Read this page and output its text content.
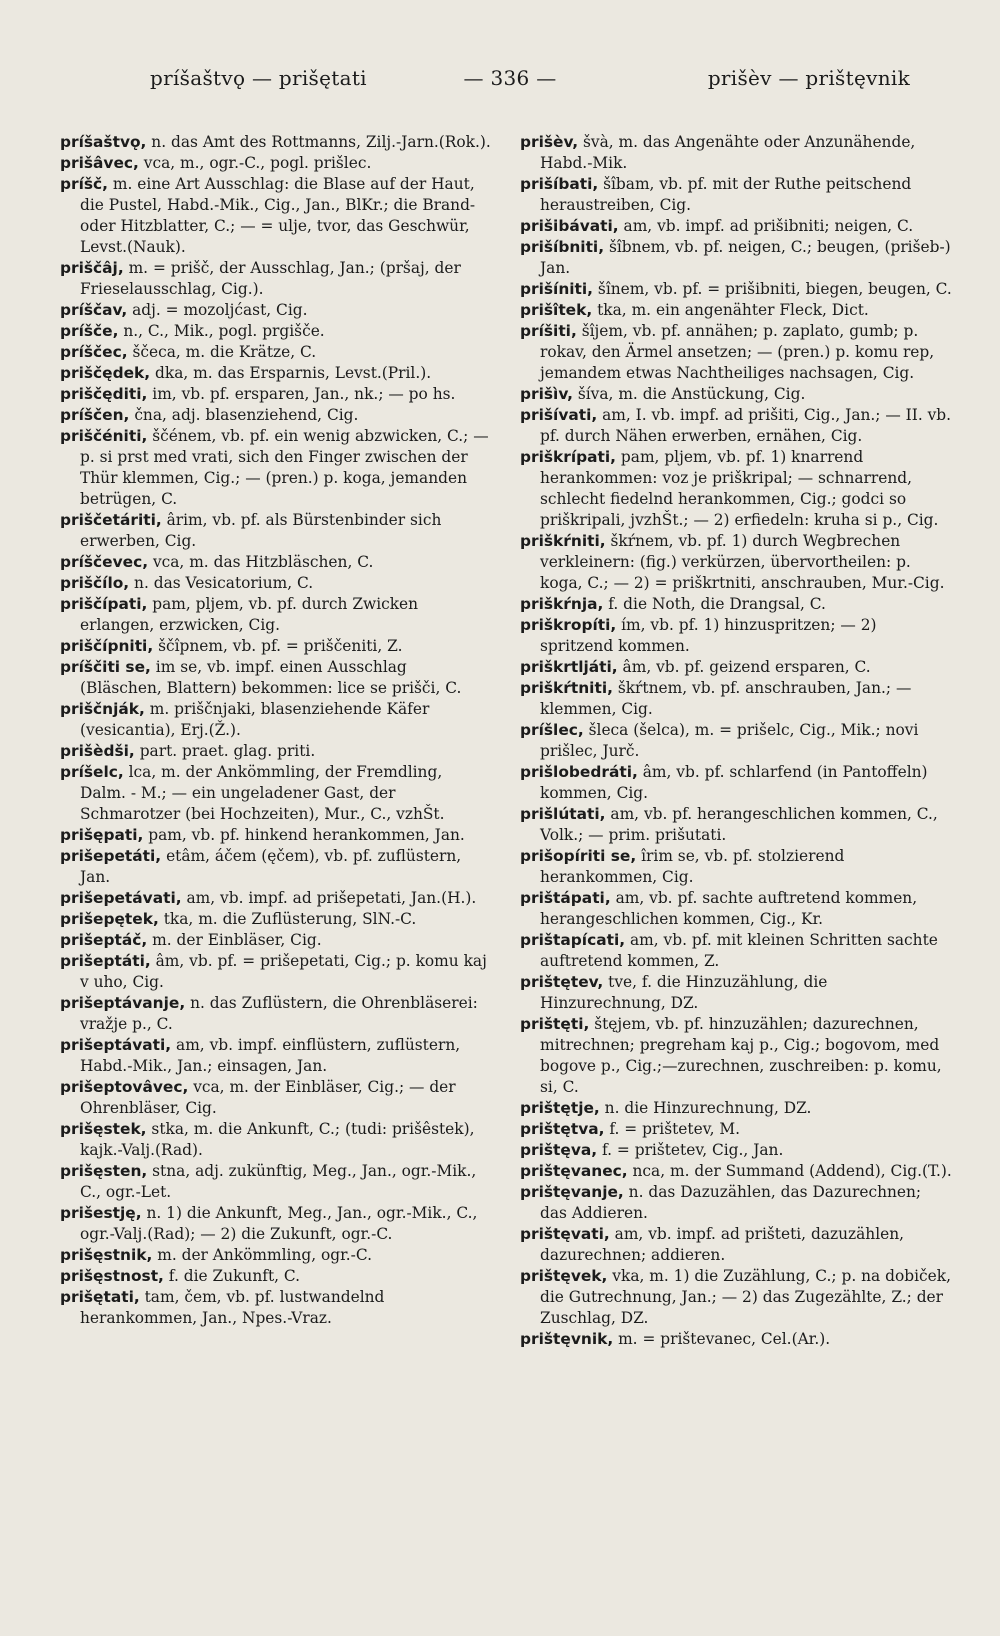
príšaštvǫ — prišętati	— 336 —	prišèv — prištęvnik

príšaštvǫ, n. das Amt des Rottmanns, Zilj.-Jarn.(Rok.).

prišâvec, vca, m., ogr.-C., pogl. prišlec.

príšč, m. eine Art Ausschlag: die Blase auf der Haut, die Pustel, Habd.-Mik., Cig., Jan., BlKr.; die Brand- oder Hitzblatter, C.; — = ulje, tvor, das Geschwür, Levst.(Nauk).

priščâj, m. = prišč, der Ausschlag, Jan.; (pršaj, der Frieselausschlag, Cig.).

príščav, adj. = mozoljćast, Cig.

príšče, n., C., Mik., pogl. prgišče.

príščec, ščeca, m. die Krätze, C.

priščędek, dka, m. das Ersparnis, Levst.(Pril.).

priščęditi, im, vb. pf. ersparen, Jan., nk.; — po hs.

príščen, čna, adj. blasenziehend, Cig.

priščéniti, ščénem, vb. pf. ein wenig abzwicken, C.; — p. si prst med vrati, sich den Finger zwischen der Thür klemmen, Cig.; — (pren.) p. koga, jemanden betrügen, C.

priščetáriti, ârim, vb. pf. als Bürstenbinder sich erwerben, Cig.

príščevec, vca, m. das Hitzbläschen, C.

priščílo, n. das Vesicatorium, C.

priščípati, pam, pljem, vb. pf. durch Zwicken erlangen, erzwicken, Cig.

priščípniti, ščîpnem, vb. pf. = priščeniti, Z.

príščiti se, im se, vb. impf. einen Ausschlag (Bläschen, Blattern) bekommen: lice se prišči, C.

priščnják, m. priščnjaki, blasenziehende Käfer (vesicantia), Erj.(Ž.).

prišèdši, part. praet. glag. priti.

príšelc, lca, m. der Ankömmling, der Fremdling, Dalm. - M.; — ein ungeladener Gast, der Schmarotzer (bei Hochzeiten), Mur., C., vzhŠt.

prišępati, pam, vb. pf. hinkend herankommen, Jan.

prišepetáti, etâm, áčem (ęčem), vb. pf. zuflüstern, Jan.

prišepetávati, am, vb. impf. ad prišepetati, Jan.(H.).

prišepętek, tka, m. die Zuflüsterung, SlN.-C.

prišeptáč, m. der Einbläser, Cig.

prišeptáti, âm, vb. pf. = prišepetati, Cig.; p. komu kaj v uho, Cig.

prišeptávanje, n. das Zuflüstern, die Ohrenbläserei: vražje p., C.

prišeptávati, am, vb. impf. einflüstern, zuflüstern, Habd.-Mik., Jan.; einsagen, Jan.

prišeptovâvec, vca, m. der Einbläser, Cig.; — der Ohrenbläser, Cig.

prišęstek, stka, m. die Ankunft, C.; (tudi: prišêstek), kajk.-Valj.(Rad).

prišęsten, stna, adj. zukünftig, Meg., Jan., ogr.-Mik., C., ogr.-Let.

prišestję, n. 1) die Ankunft, Meg., Jan., ogr.-Mik., C., ogr.-Valj.(Rad); — 2) die Zukunft, ogr.-C.

prišęstnik, m. der Ankömmling, ogr.-C.

prišęstnost, f. die Zukunft, C.

prišętati, tam, čem, vb. pf. lustwandelnd herankommen, Jan., Npes.-Vraz.

prišèv, švà, m. das Angenähte oder Anzunähende, Habd.-Mik.

prišíbati, šîbam, vb. pf. mit der Ruthe peitschend heraustreiben, Cig.

prišibávati, am, vb. impf. ad prišibniti; neigen, C.

prišíbniti, šîbnem, vb. pf. neigen, C.; beugen, (prišeb-) Jan.

prišíniti, šînem, vb. pf. = prišibniti, biegen, beugen, C.

prišîtek, tka, m. ein angenähter Fleck, Dict.

príšiti, šîjem, vb. pf. annähen; p. zaplato, gumb; p. rokav, den Ärmel ansetzen; — (pren.) p. komu rep, jemandem etwas Nachtheiliges nachsagen, Cig.

prišìv, šíva, m. die Anstückung, Cig.

prišívati, am, I. vb. impf. ad prišiti, Cig., Jan.; — II. vb. pf. durch Nähen erwerben, ernähen, Cig.

priškrípati, pam, pljem, vb. pf. 1) knarrend herankommen: voz je priškripal; — schnarrend, schlecht fiedelnd herankommen, Cig.; godci so priškripali, jvzhŠt.; — 2) erfiedeln: kruha si p., Cig.

priškŕniti, škŕnem, vb. pf. 1) durch Wegbrechen verkleinern: (fig.) verkürzen, übervortheilen: p. koga, C.; — 2) = priškrtniti, anschrauben, Mur.-Cig.

priškŕnja, f. die Noth, die Drangsal, C.

priškropíti, ím, vb. pf. 1) hinzuspritzen; — 2) spritzend kommen.

priškrtljáti, âm, vb. pf. geizend ersparen, C.

priškŕtniti, škŕtnem, vb. pf. anschrauben, Jan.; — klemmen, Cig.

príšlec, šleca (šelca), m. = prišelc, Cig., Mik.; novi prišlec, Jurč.

prišlobedráti, âm, vb. pf. schlarfend (in Pantoffeln) kommen, Cig.

prišlútati, am, vb. pf. herangeschlichen kommen, C., Volk.; — prim. prišutati.

prišopíriti se, îrim se, vb. pf. stolzierend herankommen, Cig.

prištápati, am, vb. pf. sachte auftretend kommen, herangeschlichen kommen, Cig., Kr.

prištapícati, am, vb. pf. mit kleinen Schritten sachte auftretend kommen, Z.

prištętev, tve, f. die Hinzuzählung, die Hinzurechnung, DZ.

prištęti, štęjem, vb. pf. hinzuzählen; dazurechnen, mitrechnen; pregreham kaj p., Cig.; bogovom, med bogove p., Cig.;—zurechnen, zuschreiben: p. komu, si, C.

prištętje, n. die Hinzurechnung, DZ.

prištętva, f. = prištetev, M.

prištęva, f. = prištetev, Cig., Jan.

prištęvanec, nca, m. der Summand (Addend), Cig.(T.).

prištęvanje, n. das Dazuzählen, das Dazurechnen; das Addieren.

prištęvati, am, vb. impf. ad prišteti, dazuzählen, dazurechnen; addieren.

prištęvek, vka, m. 1) die Zuzählung, C.; p. na dobiček, die Gutrechnung, Jan.; — 2) das Zugezählte, Z.; der Zuschlag, DZ.

prištęvnik, m. = prištevanec, Cel.(Ar.).
